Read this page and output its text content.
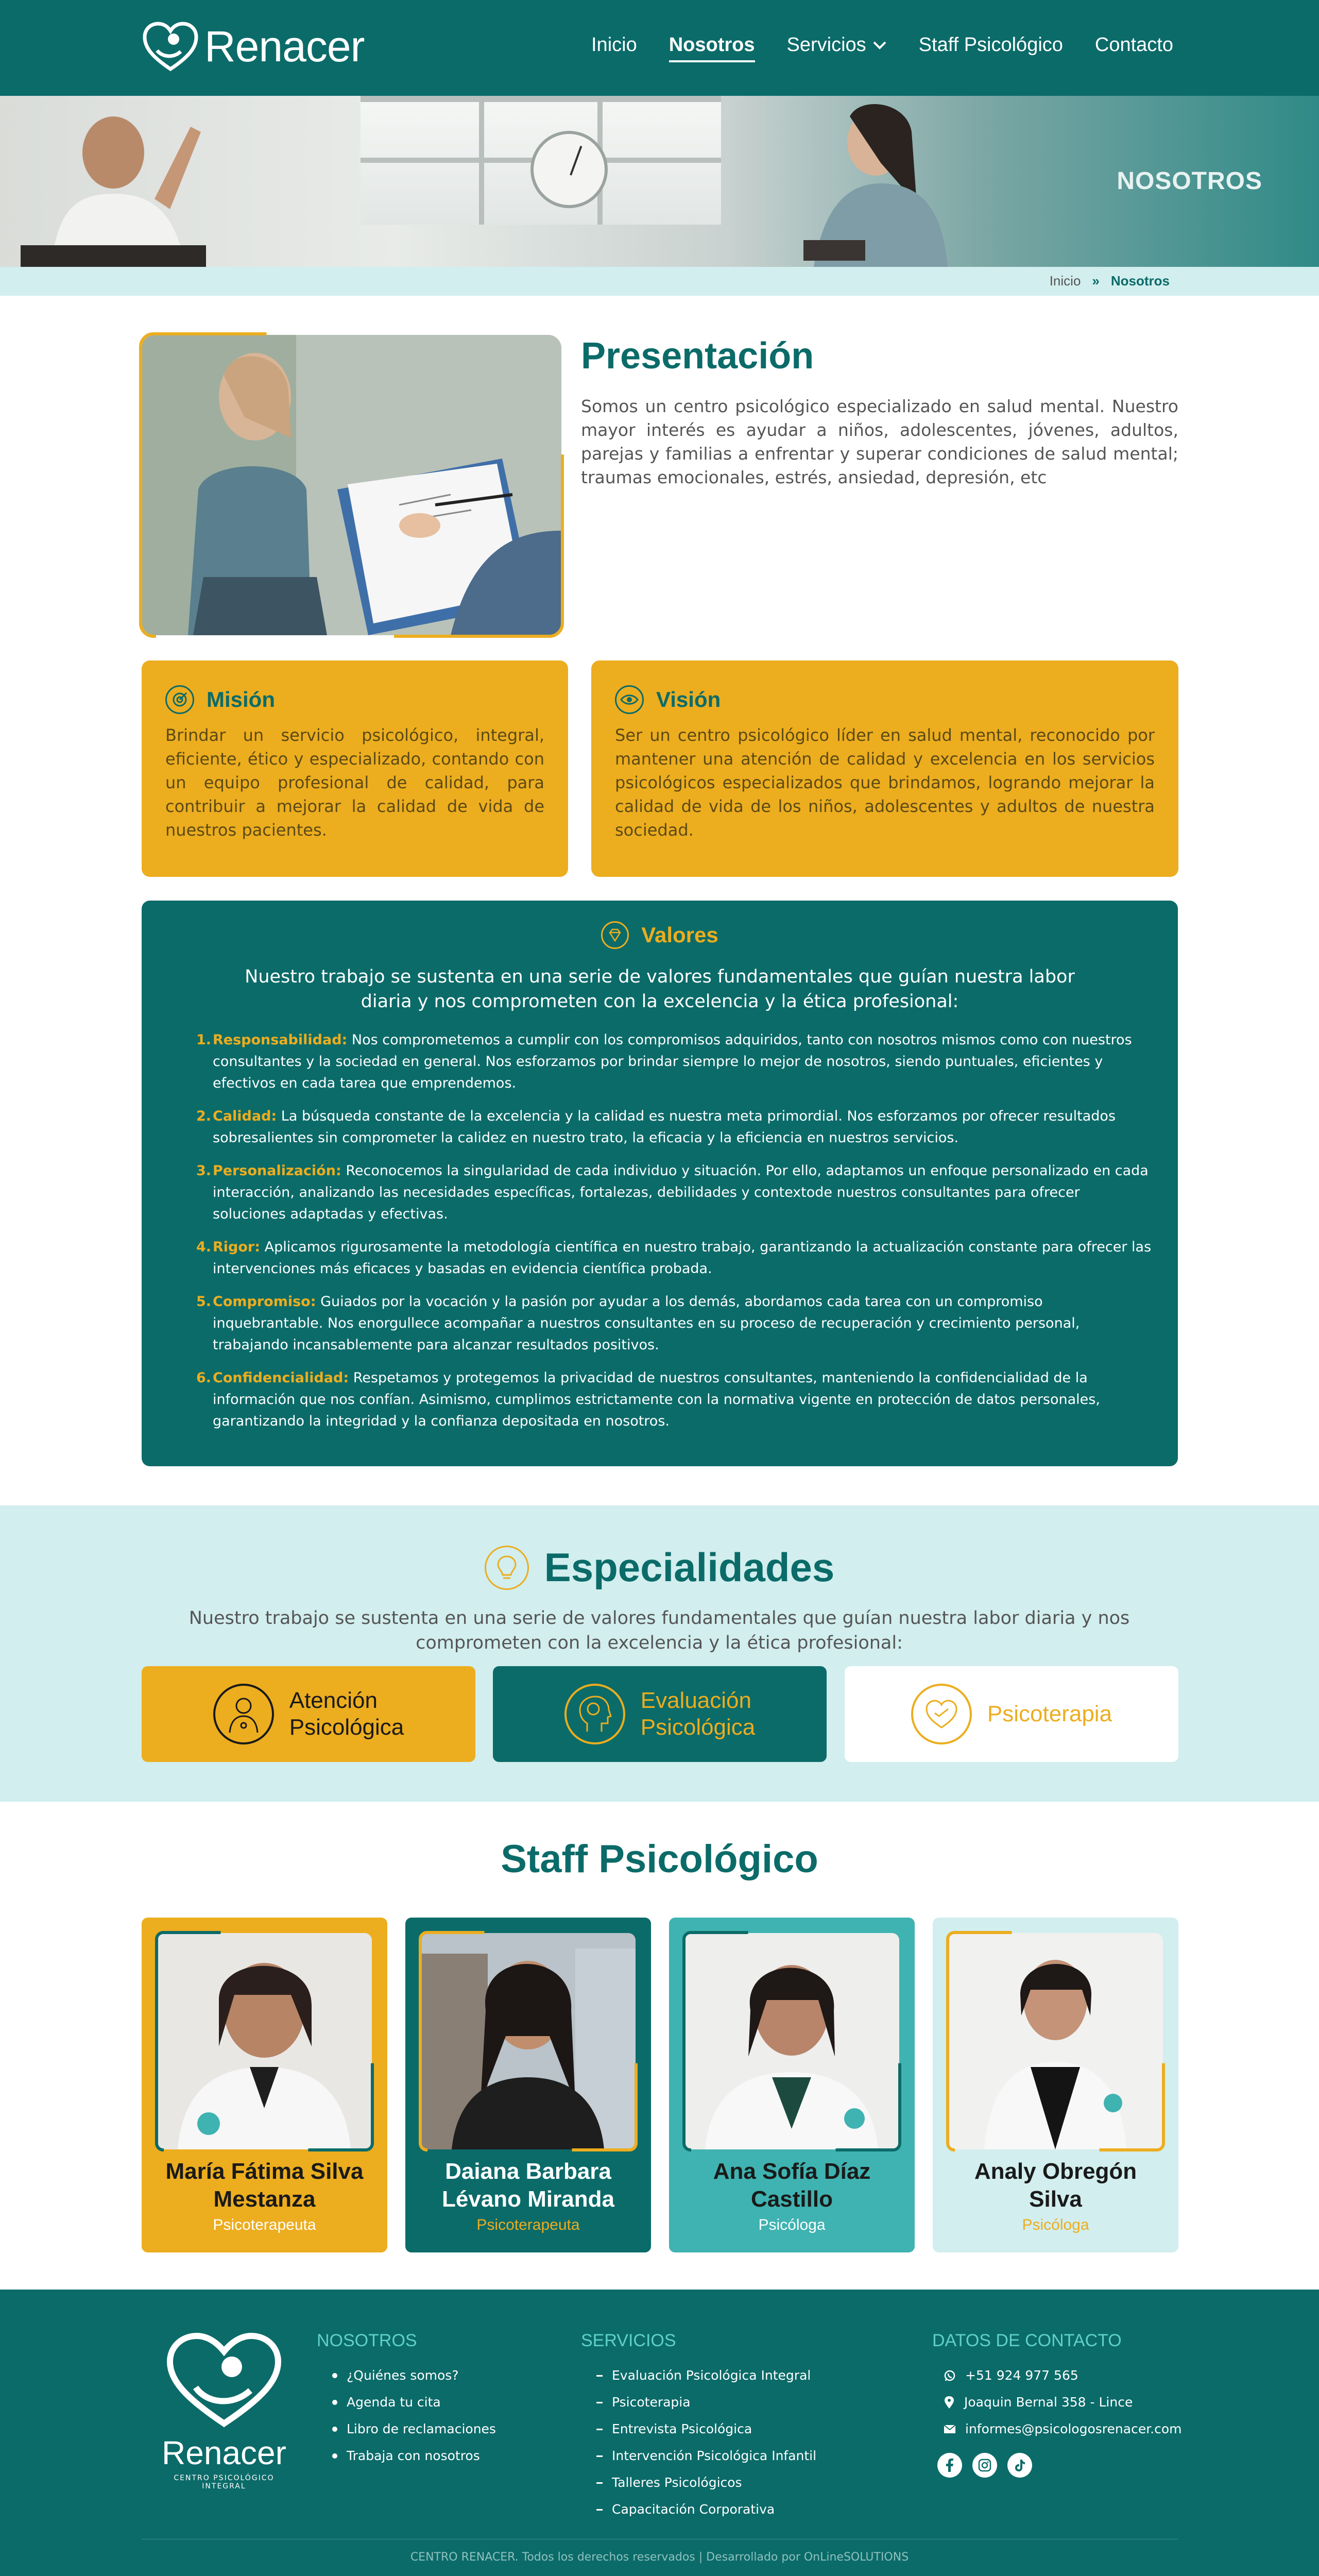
Renacer	Inicio Nosotros Servicios	Staff Psicológico Contacto
NOSOTROS
Inicio » Nosotros
Presentación
Somos un centro psicológico especializado en salud mental. Nuestro mayor interés es ayudar a niños, adolescentes, jóvenes, adultos, parejas y familias a enfrentar y superar condiciones de salud mental; traumas emocionales, estrés, ansiedad, depresión, etc
Misión
Brindar un servicio psicológico, integral, eficiente, ético y especializado, contando con un equipo profesional de calidad, para contribuir a mejorar la calidad de vida de nuestros pacientes.
Visión
Ser un centro psicológico líder en salud mental, reconocido por mantener una atención de calidad y excelencia en los servicios psicológicos especializados que brindamos, logrando mejorar la calidad de vida de los niños, adolescentes y adultos de nuestra sociedad.
Valores
Nuestro trabajo se sustenta en una serie de valores fundamentales que guían nuestra labor diaria y nos comprometen con la excelencia y la ética profesional:
1. Responsabilidad: Nos comprometemos a cumplir con los compromisos adquiridos, tanto con nosotros mismos como con nuestros consultantes y la sociedad en general. Nos esforzamos por brindar siempre lo mejor de nosotros, siendo puntuales, eficientes y efectivos en cada tarea que emprendemos.
2. Calidad: La búsqueda constante de la excelencia y la calidad es nuestra meta primordial. Nos esforzamos por ofrecer resultados sobresalientes sin comprometer la calidez en nuestro trato, la eficacia y la eficiencia en nuestros servicios.
3. Personalización: Reconocemos la singularidad de cada individuo y situación. Por ello, adaptamos un enfoque personalizado en cada interacción, analizando las necesidades específicas, fortalezas, debilidades y contextode nuestros consultantes para ofrecer soluciones adaptadas y efectivas.
4. Rigor: Aplicamos rigurosamente la metodología científica en nuestro trabajo, garantizando la actualización constante para ofrecer las intervenciones más eficaces y basadas en evidencia científica probada.
5. Compromiso: Guiados por la vocación y la pasión por ayudar a los demás, abordamos cada tarea con un compromiso inquebrantable. Nos enorgullece acompañar a nuestros consultantes en su proceso de recuperación y crecimiento personal, trabajando incansablemente para alcanzar resultados positivos.
6. Confidencialidad: Respetamos y protegemos la privacidad de nuestros consultantes, manteniendo la confidencialidad de la información que nos confían. Asimismo, cumplimos estrictamente con la normativa vigente en protección de datos personales, garantizando la integridad y la confianza depositada en nosotros.
Especialidades
Nuestro trabajo se sustenta en una serie de valores fundamentales que guían nuestra labor diaria y nos comprometen con la excelencia y la ética profesional:
Atención
Psicológica
Evaluación
Psicológica
Psicoterapia
Staff Psicológico
María Fátima Silva
Mestanza
Psicoterapeuta
Daiana Barbara
Lévano Miranda
Psicoterapeuta
Ana Sofía Díaz
Castillo
Psicóloga
Analy Obregón
Silva
Psicóloga
Renacer
CENTRO PSICOLÓGICO INTEGRAL
NOSOTROS
¿Quiénes somos?
Agenda tu cita
Libro de reclamaciones
Trabaja con nosotros
SERVICIOS
Evaluación Psicológica Integral
Psicoterapia
Entrevista Psicológica
Intervención Psicológica Infantil
Talleres Psicológicos
Capacitación Corporativa
DATOS DE CONTACTO
+51 924 977 565
Joaquin Bernal 358 - Lince
informes@psicologosrenacer.com
CENTRO RENACER. Todos los derechos reservados | Desarrollado por OnLineSOLUTIONS
